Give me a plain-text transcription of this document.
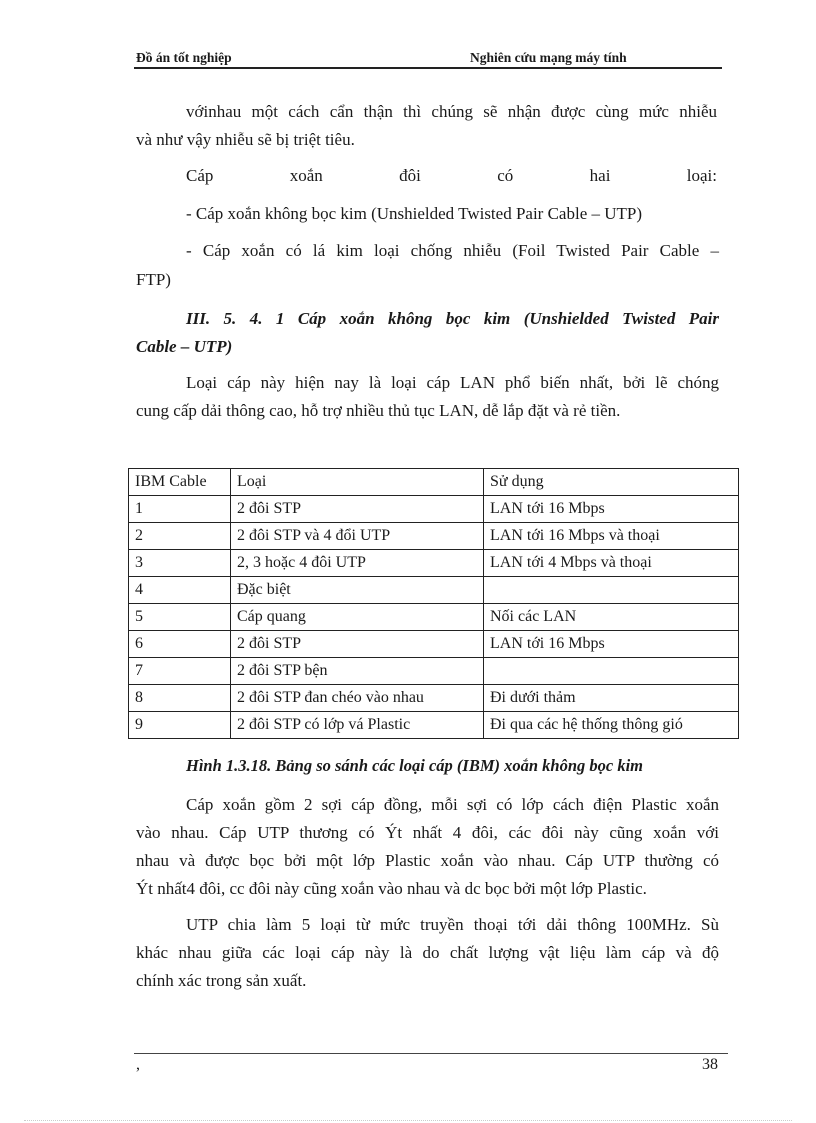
Đồ án tốt nghiệp	Nghiên cứu mạng máy tính
vớinhau một cách cẩn thận thì chúng sẽ nhận được cùng mức nhiễu
và như vậy nhiễu sẽ bị triệt tiêu.
Cáp xoắn đôi có hai loại:
- Cáp xoắn không bọc kim (Unshielded Twisted Pair Cable – UTP)
- Cáp xoắn có lá kim loại chống nhiễu (Foil Twisted Pair Cable –
FTP)
III. 5. 4. 1 Cáp xoắn không bọc kim (Unshielded Twisted Pair
Cable – UTP)
Loại cáp này hiện nay là loại cáp LAN phổ biến nhất, bởi lẽ chóng
cung cấp dải thông cao, hỗ trợ nhiều thủ tục LAN, dễ lắp đặt và rẻ tiền.
IBM Cable	Loại	Sử dụng
1	2 đôi STP	LAN tới 16 Mbps
2	2 đôi STP và 4 đổi UTP	LAN tới 16 Mbps và thoại
3	2, 3 hoặc 4 đôi UTP	LAN tới 4 Mbps và thoại
4	Đặc biệt	
5	Cáp quang	Nối các LAN
6	2 đôi STP	LAN tới 16 Mbps
7	2 đôi STP bện	
8	2 đôi STP đan chéo vào nhau	Đi dưới thảm
9	2 đôi STP có lớp vá Plastic	Đi qua các hệ thống thông gió
Hình 1.3.18. Bảng so sánh các loại cáp (IBM) xoắn không bọc kim
Cáp xoắn gồm 2 sợi cáp đồng, mỗi sợi có lớp cách điện Plastic xoắn
vào nhau. Cáp UTP thương có Ýt nhất 4 đôi, các đôi này cũng xoắn với
nhau và được bọc bởi một lớp Plastic xoắn vào nhau. Cáp UTP thường có
Ýt nhất4 đôi, cc đôi này cũng xoắn vào nhau và dc bọc bởi một lớp Plastic.
UTP chia làm 5 loại từ mức truyền thoại tới dải thông 100MHz. Sù
khác nhau giữa các loại cáp này là do chất lượng vật liệu làm cáp và độ
chính xác trong sản xuất.
,	38
